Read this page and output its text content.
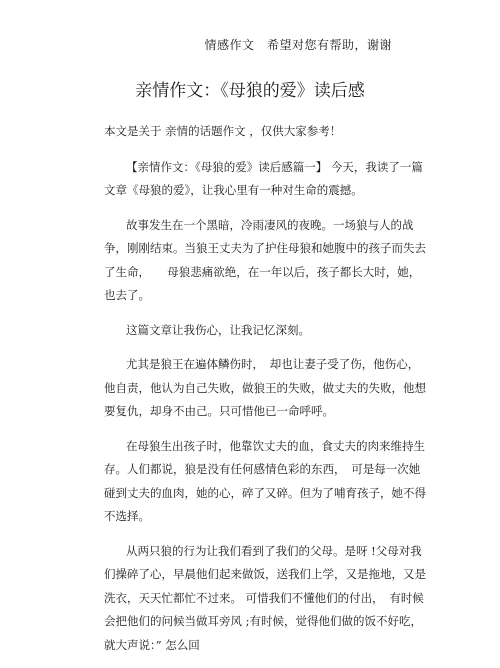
情感作文　希望对您有帮助，谢谢
亲情作文：《母狼的爱》读后感

本文是关于 亲情的话题作文 ，仅供大家参考！

【亲情作文：《母狼的爱》读后感篇一】 今天，我读了一篇文章《母狼的爱》，让我心里有一种对生命的震撼。

故事发生在一个黑暗，冷雨凄风的夜晚。一场狼与人的战争，刚刚结束。当狼王丈夫为了护住母狼和她腹中的孩子而失去了生命，　　母狼悲痛欲绝，在一年以后，孩子都长大时，她，也去了。

这篇文章让我伤心，让我记忆深刻。

尤其是狼王在遍体鳞伤时，　却也让妻子受了伤，他伤心，他自责，他认为自己失败，做狼王的失败，做丈夫的失败，他想要复仇，却身不由己。只可惜他已一命呼呼。

在母狼生出孩子时，他靠饮丈夫的血，食丈夫的肉来维持生存。人们都说，狼是没有任何感情色彩的东西，　可是每一次她碰到丈夫的血肉，她的心，碎了又碎。但为了哺育孩子，她不得不选择。

从两只狼的行为让我们看到了我们的父母。是呀 !父母对我们操碎了心，早晨他们起来做饭，送我们上学，又是拖地，又是洗衣，天天忙都忙不过来。 可惜我们不懂他们的付出，　有时候会把他们的问候当做耳旁风 ;有时候，觉得他们做的饭不好吃，就大声说：” 怎么回
